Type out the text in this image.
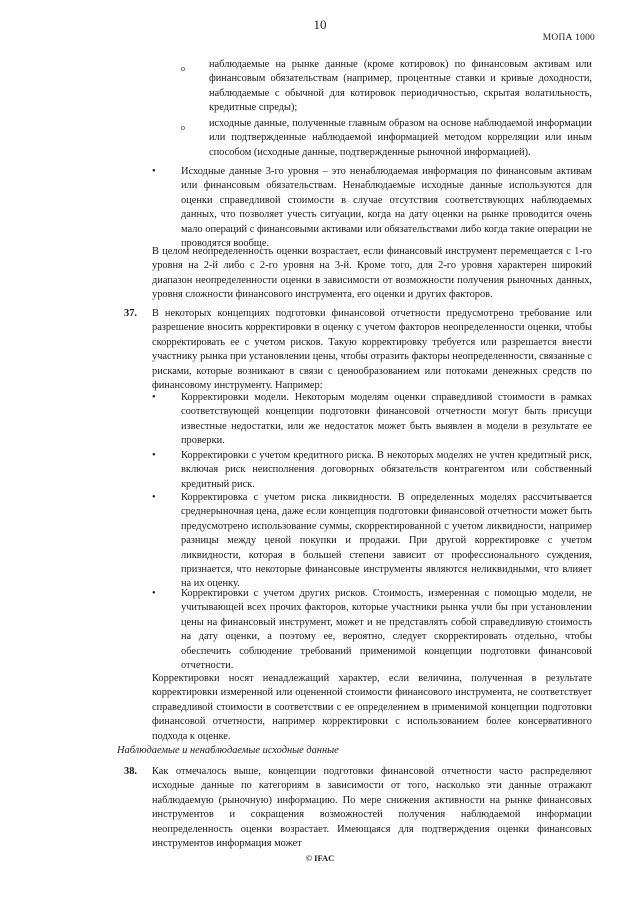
10
МОПА 1000
o наблюдаемые на рынке данные (кроме котировок) по финансовым активам или финансовым обязательствам (например, процентные ставки и кривые доходности, наблюдаемые с обычной для котировок периодичностью, скрытая волатильность, кредитные спреды);
o исходные данные, полученные главным образом на основе наблюдаемой информации или подтвержденные наблюдаемой информацией методом корреляции или иным способом (исходные данные, подтвержденные рыночной информацией).
• Исходные данные 3-го уровня – это ненаблюдаемая информация по финансовым активам или финансовым обязательствам. Ненаблюдаемые исходные данные используются для оценки справедливой стоимости в случае отсутствия соответствующих наблюдаемых данных, что позволяет учесть ситуации, когда на дату оценки на рынке проводится очень мало операций с финансовыми активами или обязательствами либо когда такие операции не проводятся вообще.
В целом неопределенность оценки возрастает, если финансовый инструмент перемещается с 1-го уровня на 2-й либо с 2-го уровня на 3-й. Кроме того, для 2-го уровня характерен широкий диапазон неопределенности оценки в зависимости от возможности получения рыночных данных, уровня сложности финансового инструмента, его оценки и других факторов.
37. В некоторых концепциях подготовки финансовой отчетности предусмотрено требование или разрешение вносить корректировки в оценку с учетом факторов неопределенности оценки, чтобы скорректировать ее с учетом рисков. Такую корректировку требуется или разрешается внести участнику рынка при установлении цены, чтобы отразить факторы неопределенности, связанные с рисками, которые возникают в связи с ценообразованием или потоками денежных средств по финансовому инструменту. Например:
• Корректировки модели. Некоторым моделям оценки справедливой стоимости в рамках соответствующей концепции подготовки финансовой отчетности могут быть присущи известные недостатки, или же недостаток может быть выявлен в модели в результате ее проверки.
• Корректировки с учетом кредитного риска. В некоторых моделях не учтен кредитный риск, включая риск неисполнения договорных обязательств контрагентом или собственный кредитный риск.
• Корректировка с учетом риска ликвидности. В определенных моделях рассчитывается среднерыночная цена, даже если концепция подготовки финансовой отчетности может быть предусмотрено использование суммы, скорректированной с учетом ликвидности, например разницы между ценой покупки и продажи. При другой корректировке с учетом ликвидности, которая в большей степени зависит от профессионального суждения, признается, что некоторые финансовые инструменты являются неликвидными, что влияет на их оценку.
• Корректировки с учетом других рисков. Стоимость, измеренная с помощью модели, не учитывающей всех прочих факторов, которые участники рынка учли бы при установлении цены на финансовый инструмент, может и не представлять собой справедливую стоимость на дату оценки, а поэтому ее, вероятно, следует скорректировать отдельно, чтобы обеспечить соблюдение требований применимой концепции подготовки финансовой отчетности.
Корректировки носят ненадлежащий характер, если величина, полученная в результате корректировки измеренной или оцененной стоимости финансового инструмента, не соответствует справедливой стоимости в соответствии с ее определением в применимой концепции подготовки финансовой отчетности, например корректировки с использованием более консервативного подхода к оценке.
Наблюдаемые и ненаблюдаемые исходные данные
38. Как отмечалось выше, концепции подготовки финансовой отчетности часто распределяют исходные данные по категориям в зависимости от того, насколько эти данные отражают наблюдаемую (рыночную) информацию. По мере снижения активности на рынке финансовых инструментов и сокращения возможностей получения наблюдаемой информации неопределенность оценки возрастает. Имеющаяся для подтверждения оценки финансовых инструментов информация может
© IFAC
